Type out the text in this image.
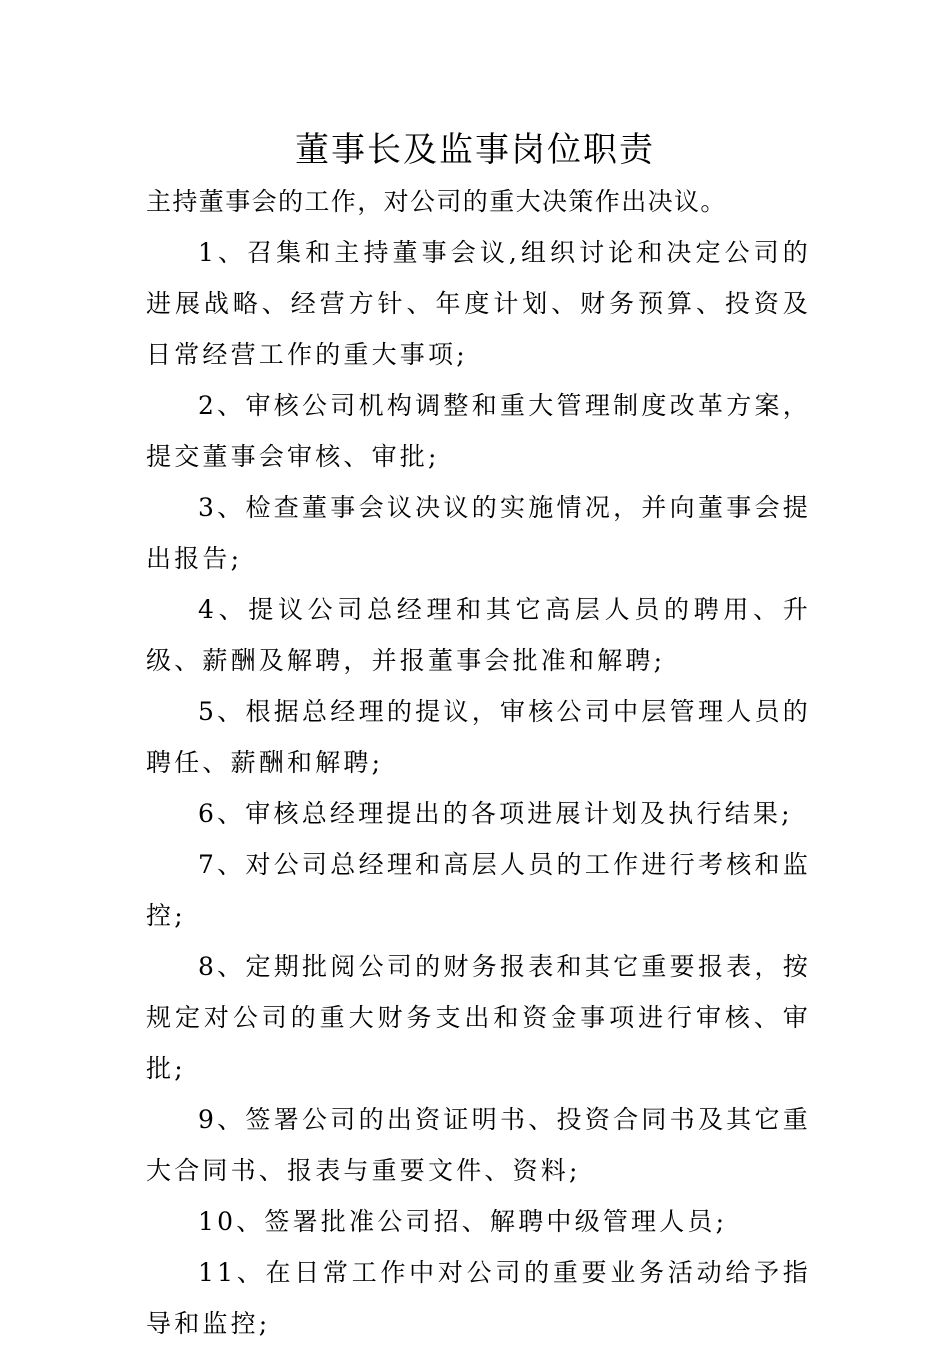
董事长及监事岗位职责

主持董事会的工作，对公司的重大决策作出决议。

1、召集和主持董事会议,组织讨论和决定公司的进展战略、经营方针、年度计划、财务预算、投资及日常经营工作的重大事项;

2、审核公司机构调整和重大管理制度改革方案，提交董事会审核、审批;

3、检查董事会议决议的实施情况，并向董事会提出报告;

4、提议公司总经理和其它高层人员的聘用、升级、薪酬及解聘，并报董事会批准和解聘;

5、根据总经理的提议，审核公司中层管理人员的聘任、薪酬和解聘;

6、审核总经理提出的各项进展计划及执行结果;

7、对公司总经理和高层人员的工作进行考核和监控;

8、定期批阅公司的财务报表和其它重要报表，按规定对公司的重大财务支出和资金事项进行审核、审批;

9、签署公司的出资证明书、投资合同书及其它重大合同书、报表与重要文件、资料;

10、签署批准公司招、解聘中级管理人员;

11、在日常工作中对公司的重要业务活动给予指导和监控;
